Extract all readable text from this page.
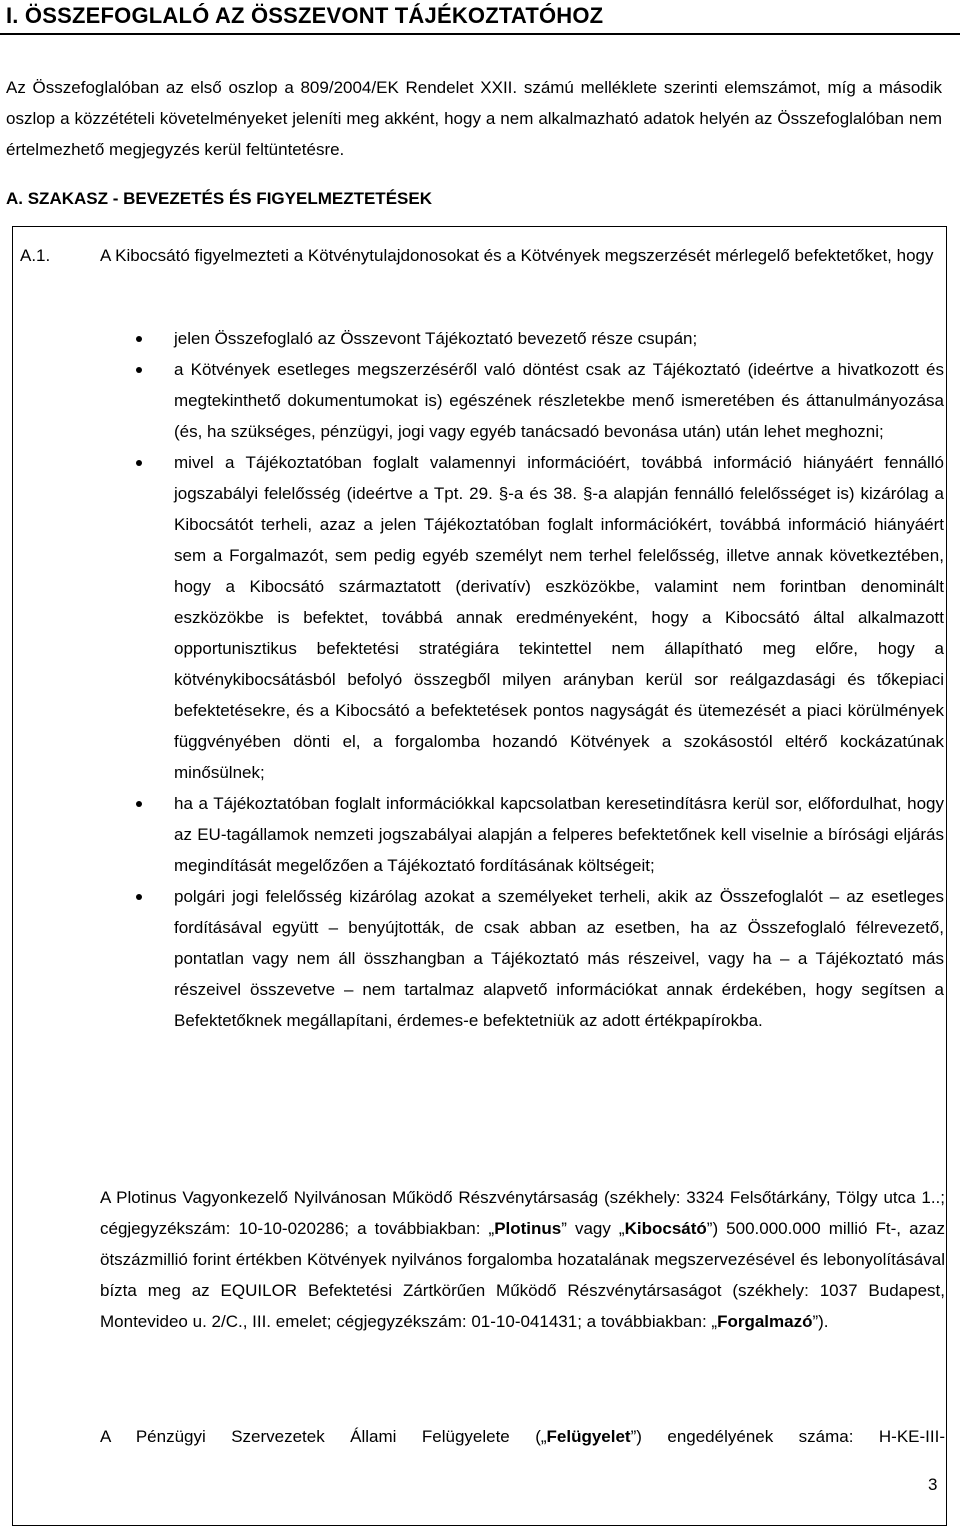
I. ÖSSZEFOGLALÓ AZ ÖSSZEVONT TÁJÉKOZTATÓHOZ

Az Összefoglalóban az első oszlop a 809/2004/EK Rendelet XXII. számú melléklete szerinti elemszámot, míg a második oszlop a közzétételi követelményeket jeleníti meg akként, hogy a nem alkalmazható adatok helyén az Összefoglalóban nem értelmezhető megjegyzés kerül feltüntetésre.

A. SZAKASZ - BEVEZETÉS ÉS FIGYELMEZTETÉSEK
A.1.	A Kibocsátó figyelmezteti a Kötvénytulajdonosokat és a Kötvények megszerzését mérlegelő befektetőket, hogy
jelen Összefoglaló az Összevont Tájékoztató bevezető része csupán;
a Kötvények esetleges megszerzéséről való döntést csak az Tájékoztató (ideértve a hivatkozott és megtekinthető dokumentumokat is) egészének részletekbe menő ismeretében és áttanulmányozása (és, ha szükséges, pénzügyi, jogi vagy egyéb tanácsadó bevonása után) után lehet meghozni;
mivel a Tájékoztatóban foglalt valamennyi információért, továbbá információ hiányáért fennálló jogszabályi felelősség (ideértve a Tpt. 29. §-a és 38. §-a alapján fennálló felelősséget is) kizárólag a Kibocsátót terheli, azaz a jelen Tájékoztatóban foglalt információkért, továbbá információ hiányáért sem a Forgalmazót, sem pedig egyéb személyt nem terhel felelősség, illetve annak következtében, hogy a Kibocsátó származtatott (derivatív) eszközökbe, valamint nem forintban denominált eszközökbe is befektet, továbbá annak eredményeként, hogy a Kibocsátó által alkalmazott opportunisztikus befektetési stratégiára tekintettel nem állapítható meg előre, hogy a kötvénykibocsátásból befolyó összegből milyen arányban kerül sor reálgazdasági és tőkepiaci befektetésekre, és a Kibocsátó a befektetések pontos nagyságát és ütemezését a piaci körülmények függvényében dönti el, a forgalomba hozandó Kötvények a szokásostól eltérő kockázatúnak minősülnek;
ha a Tájékoztatóban foglalt információkkal kapcsolatban keresetindításra kerül sor, előfordulhat, hogy az EU-tagállamok nemzeti jogszabályai alapján a felperes befektetőnek kell viselnie a bírósági eljárás megindítását megelőzően a Tájékoztató fordításának költségeit;
polgári jogi felelősség kizárólag azokat a személyeket terheli, akik az Összefoglalót – az esetleges fordításával együtt – benyújtották, de csak abban az esetben, ha az Összefoglaló félrevezető, pontatlan vagy nem áll összhangban a Tájékoztató más részeivel, vagy ha – a Tájékoztató más részeivel összevetve – nem tartalmaz alapvető információkat annak érdekében, hogy segítsen a Befektetőknek megállapítani, érdemes-e befektetniük az adott értékpapírokba.

A Plotinus Vagyonkezelő Nyilvánosan Működő Részvénytársaság (székhely: 3324 Felsőtárkány, Tölgy utca 1..; cégjegyzékszám: 10-10-020286; a továbbiakban: „Plotinus” vagy „Kibocsátó”) 500.000.000 millió Ft-, azaz ötszázmillió forint értékben Kötvények nyilvános forgalomba hozatalának megszervezésével és lebonyolításával bízta meg az EQUILOR Befektetési Zártkörűen Működő Részvénytársaságot (székhely: 1037 Budapest, Montevideo u. 2/C., III. emelet; cégjegyzékszám: 01-10-041431; a továbbiakban: „Forgalmazó”).

A Pénzügyi Szervezetek Állami Felügyelete („Felügyelet”) engedélyének száma: H-KE-III-

3
